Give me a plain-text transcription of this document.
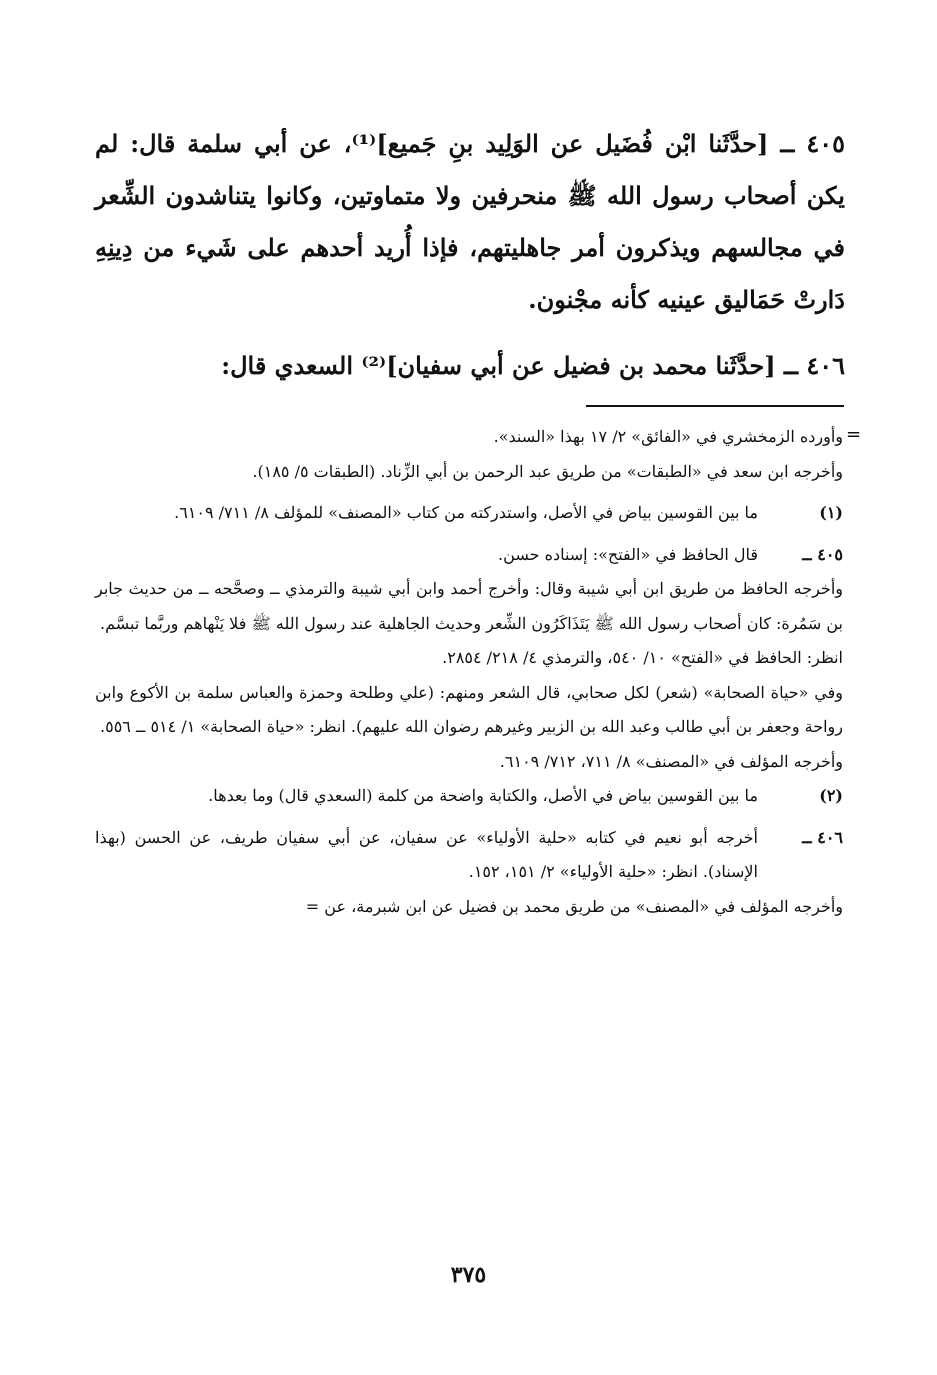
٤٠٥ ــ [حدَّثَنا ابْن فُضَيل عن الوَلِيد بنِ جَميع]⁽¹⁾، عن أبي سلمة قال: لم يكن أصحاب رسول الله ﷺ منحرفين ولا متماوتين، وكانوا يتناشدون الشِّعر في مجالسهم ويذكرون أمر جاهليتهم، فإذا أُريد أحدهم على شَيء من دِينِهِ دَارتْ حَمَاليق عينيه كأنه مجْنون.

٤٠٦ ــ [حدَّثَنا محمد بن فضيل عن أبي سفيان]⁽²⁾ السعدي قال:

=

وأورده الزمخشري في «الفائق» ٢/ ١٧ بهذا «السند».

وأخرجه ابن سعد في «الطبقات» من طريق عبد الرحمن بن أبي الزِّناد. (الطبقات ٥/ ١٨٥).

(١)
ما بين القوسين بياض في الأصل، واستدركته من كتاب «المصنف» للمؤلف ٨/ ٧١١/ ٦١٠٩.
٤٠٥ ــ
قال الحافظ في «الفتح»: إسناده حسن.

وأخرجه الحافظ من طريق ابن أبي شيبة وقال: وأخرج أحمد وابن أبي شيبة والترمذي ــ وصحَّحه ــ من حديث جابر بن سَمُرة: كان أصحاب رسول الله ﷺ يَتَذَاكَرُون الشِّعر وحديث الجاهلية عند رسول الله ﷺ فلا يَنْهاهم وربَّما تبسَّم.

انظر: الحافظ في «الفتح» ١٠/ ٥٤٠، والترمذي ٤/ ٢١٨/ ٢٨٥٤.

وفي «حياة الصحابة» (شعر) لكل صحابي، قال الشعر ومنهم: (علي وطلحة وحمزة والعباس سلمة بن الأكوع وابن رواحة وجعفر بن أبي طالب وعبد الله بن الزبير وغيرهم رضوان الله عليهم). انظر: «حياة الصحابة» ١/ ٥١٤ ــ ٥٥٦.

وأخرجه المؤلف في «المصنف» ٨/ ٧١١، ٧١٢/ ٦١٠٩.

(٢)
ما بين القوسين بياض في الأصل، والكتابة واضحة من كلمة (السعدي قال) وما بعدها.
٤٠٦ ــ
أخرجه أبو نعيم في كتابه «حلية الأولياء» عن سفيان، عن أبي سفيان طريف، عن الحسن (بهذا الإسناد). انظر: «حلية الأولياء» ٢/ ١٥١، ١٥٢.

وأخرجه المؤلف في «المصنف» من طريق محمد بن فضيل عن ابن شبرمة، عن =

٣٧٥
